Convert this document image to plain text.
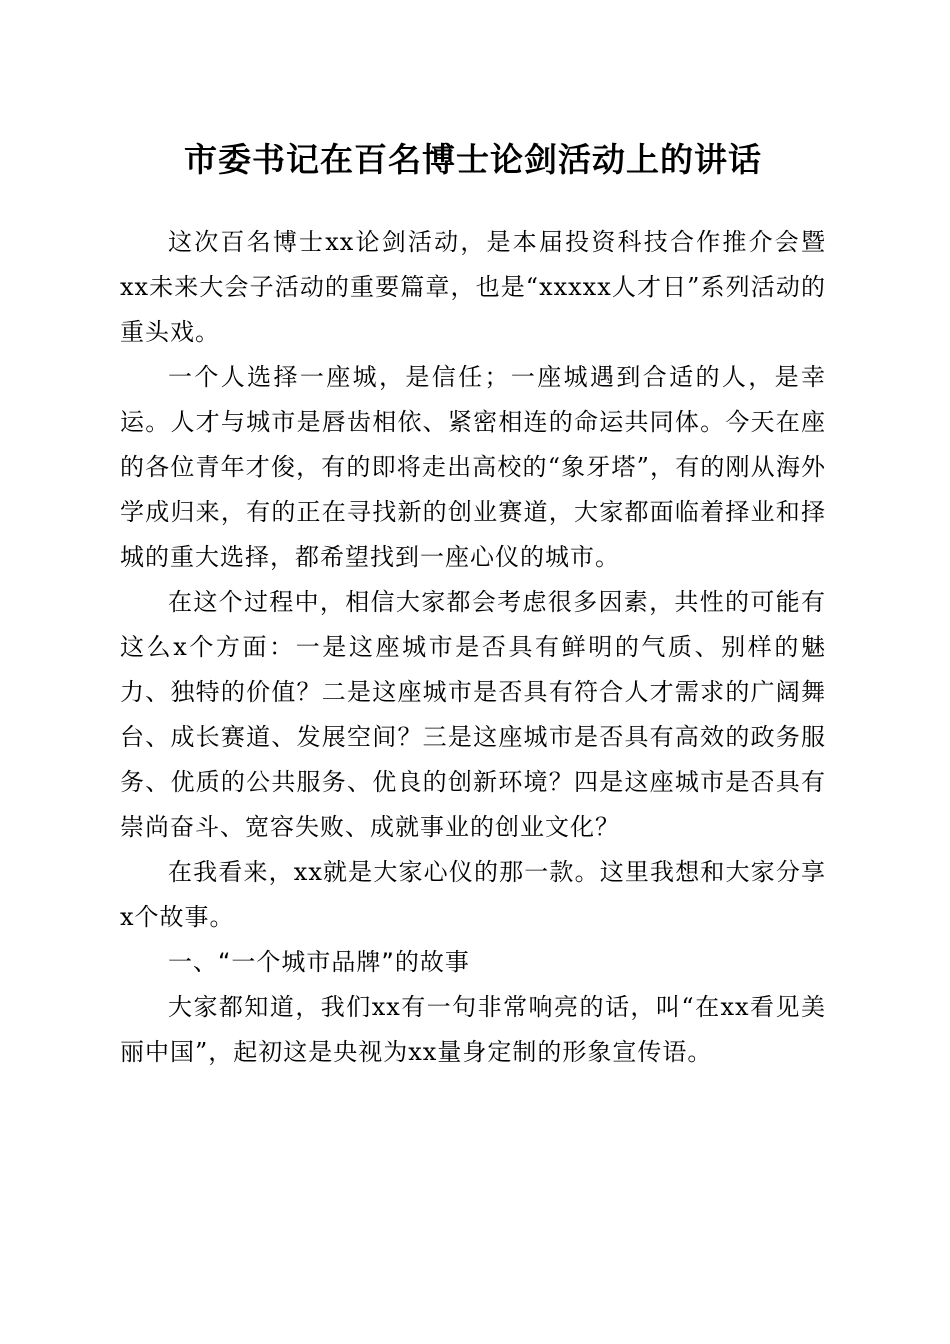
市委书记在百名博士论剑活动上的讲话

这次百名博士xx论剑活动，是本届投资科技合作推介会暨xx未来大会子活动的重要篇章，也是“xxxxx人才日”系列活动的重头戏。

一个人选择一座城，是信任；一座城遇到合适的人，是幸运。人才与城市是唇齿相依、紧密相连的命运共同体。今天在座的各位青年才俊，有的即将走出高校的“象牙塔”，有的刚从海外学成归来，有的正在寻找新的创业赛道，大家都面临着择业和择城的重大选择，都希望找到一座心仪的城市。

在这个过程中，相信大家都会考虑很多因素，共性的可能有这么x个方面：一是这座城市是否具有鲜明的气质、别样的魅力、独特的价值？二是这座城市是否具有符合人才需求的广阔舞台、成长赛道、发展空间？三是这座城市是否具有高效的政务服务、优质的公共服务、优良的创新环境？四是这座城市是否具有崇尚奋斗、宽容失败、成就事业的创业文化？

在我看来，xx就是大家心仪的那一款。这里我想和大家分享x个故事。

一、“一个城市品牌”的故事

大家都知道，我们xx有一句非常响亮的话，叫“在xx看见美丽中国”，起初这是央视为xx量身定制的形象宣传语。
